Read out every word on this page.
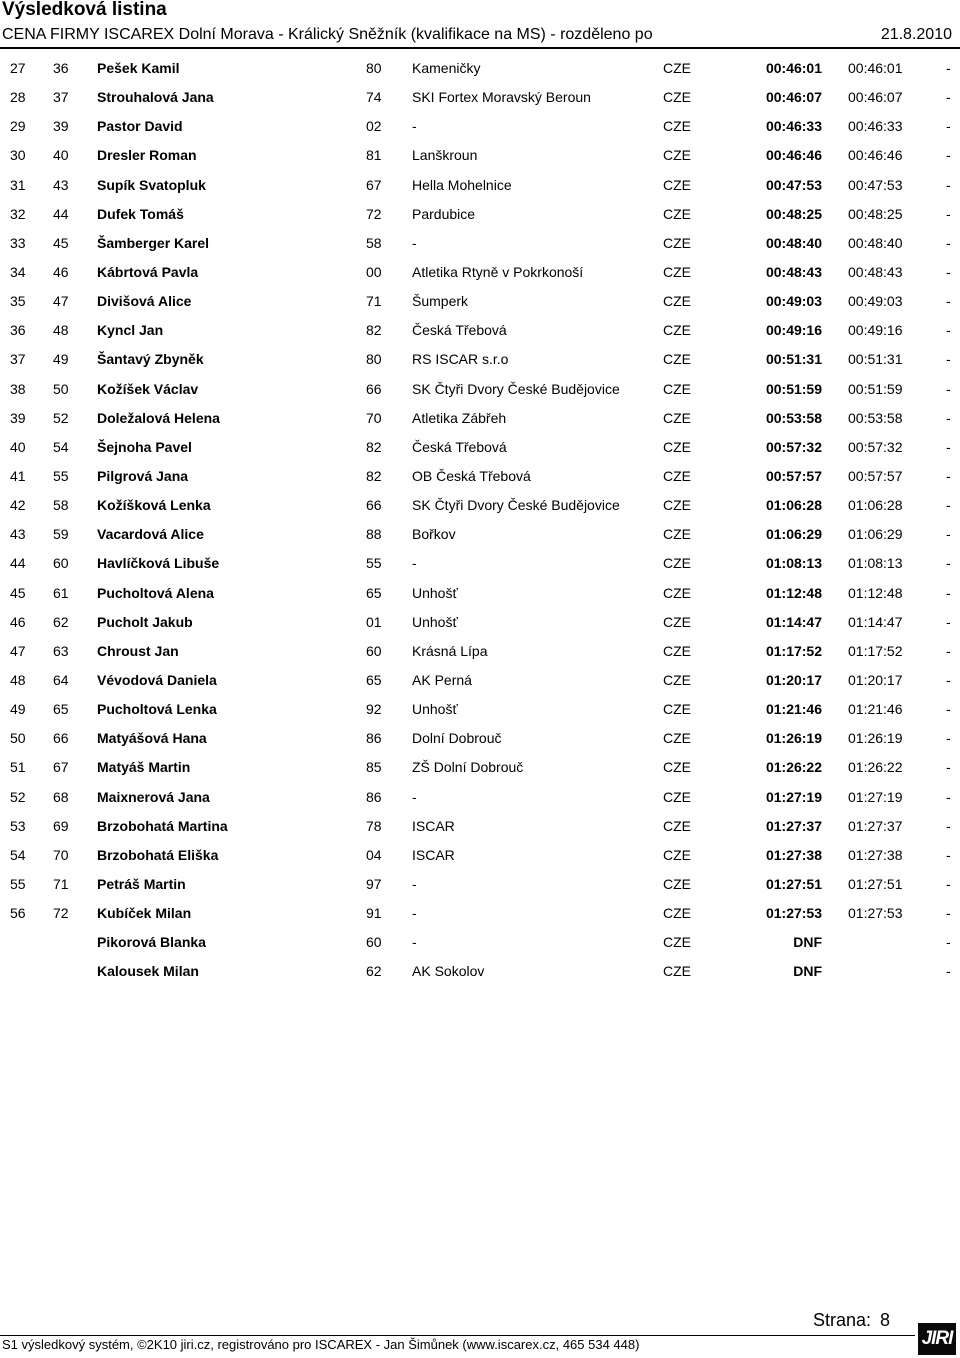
Výsledková listina
CENA FIRMY ISCAREX Dolní Morava - Králický Sněžník (kvalifikace na MS) - rozděleno po	21.8.2010
27 36 Pešek Kamil	80 Kameničky	CZE	00:46:01 00:46:01	-
28 37 Strouhalová Jana	74 SKI Fortex Moravský Beroun	CZE	00:46:07 00:46:07	-
29 39 Pastor David	02 -	CZE	00:46:33 00:46:33	-
30 40 Dresler Roman	81 Lanškroun	CZE	00:46:46 00:46:46	-
31 43 Supík Svatopluk	67 Hella Mohelnice	CZE	00:47:53 00:47:53	-
32 44 Dufek Tomáš	72 Pardubice	CZE	00:48:25 00:48:25	-
33 45 Šamberger Karel	58 -	CZE	00:48:40 00:48:40	-
34 46 Kábrtová Pavla	00 Atletika Rtyně v Pokrkonoší	CZE	00:48:43 00:48:43	-
35 47 Divišová Alice	71 Šumperk	CZE	00:49:03 00:49:03	-
36 48 Kyncl Jan	82 Česká Třebová	CZE	00:49:16 00:49:16	-
37 49 Šantavý Zbyněk	80 RS ISCAR s.r.o	CZE	00:51:31 00:51:31	-
38 50 Kožíšek Václav	66 SK Čtyři Dvory České Budějovice	CZE	00:51:59 00:51:59	-
39 52 Doležalová Helena	70 Atletika Zábřeh	CZE	00:53:58 00:53:58	-
40 54 Šejnoha Pavel	82 Česká Třebová	CZE	00:57:32 00:57:32	-
41 55 Pilgrová Jana	82 OB Česká Třebová	CZE	00:57:57 00:57:57	-
42 58 Kožíšková Lenka	66 SK Čtyři Dvory České Budějovice	CZE	01:06:28 01:06:28	-
43 59 Vacardová Alice	88 Bořkov	CZE	01:06:29 01:06:29	-
44 60 Havlíčková Libuše	55 -	CZE	01:08:13 01:08:13	-
45 61 Pucholtová Alena	65 Unhošť	CZE	01:12:48 01:12:48	-
46 62 Pucholt Jakub	01 Unhošť	CZE	01:14:47 01:14:47	-
47 63 Chroust Jan	60 Krásná Lípa	CZE	01:17:52 01:17:52	-
48 64 Vévodová Daniela	65 AK Perná	CZE	01:20:17 01:20:17	-
49 65 Pucholtová Lenka	92 Unhošť	CZE	01:21:46 01:21:46	-
50 66 Matyášová Hana	86 Dolní Dobrouč	CZE	01:26:19 01:26:19	-
51 67 Matyáš Martin	85 ZŠ Dolní Dobrouč	CZE	01:26:22 01:26:22	-
52 68 Maixnerová Jana	86 -	CZE	01:27:19 01:27:19	-
53 69 Brzobohatá Martina	78 ISCAR	CZE	01:27:37 01:27:37	-
54 70 Brzobohatá Eliška	04 ISCAR	CZE	01:27:38 01:27:38	-
55 71 Petráš Martin	97 -	CZE	01:27:51 01:27:51	-
56 72 Kubíček Milan	91 -	CZE	01:27:53 01:27:53	-
Pikorová Blanka	60 -	CZE	DNF	-
Kalousek Milan	62 AK Sokolov	CZE	DNF	-
Strana: 8
S1 výsledkový systém, ©2K10 jiri.cz, registrováno pro ISCAREX - Jan Šimůnek (www.iscarex.cz, 465 534 448)	JIRI
